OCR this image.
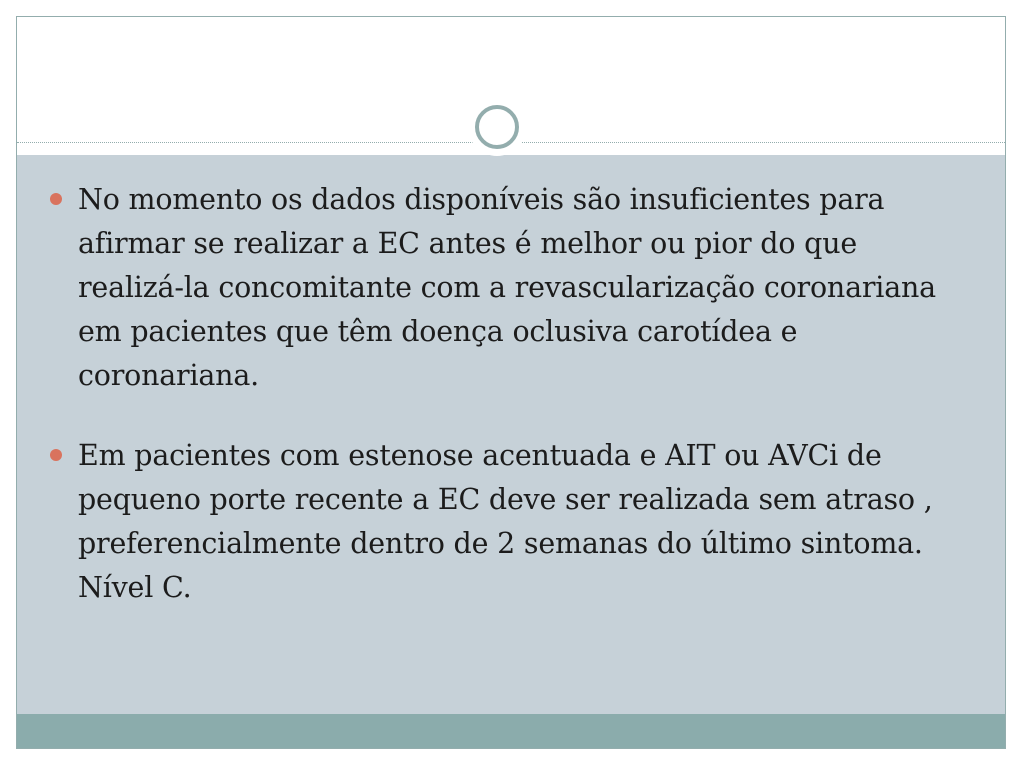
No momento os dados disponíveis são insuficientes para afirmar se realizar a EC antes é melhor ou pior do que realizá-la concomitante com a revascularização coronariana em pacientes que têm doença oclusiva carotídea e coronariana.
Em pacientes com estenose acentuada e AIT ou AVCi de pequeno porte recente a EC deve ser realizada sem atraso , preferencialmente dentro de 2 semanas do último sintoma. Nível C.
